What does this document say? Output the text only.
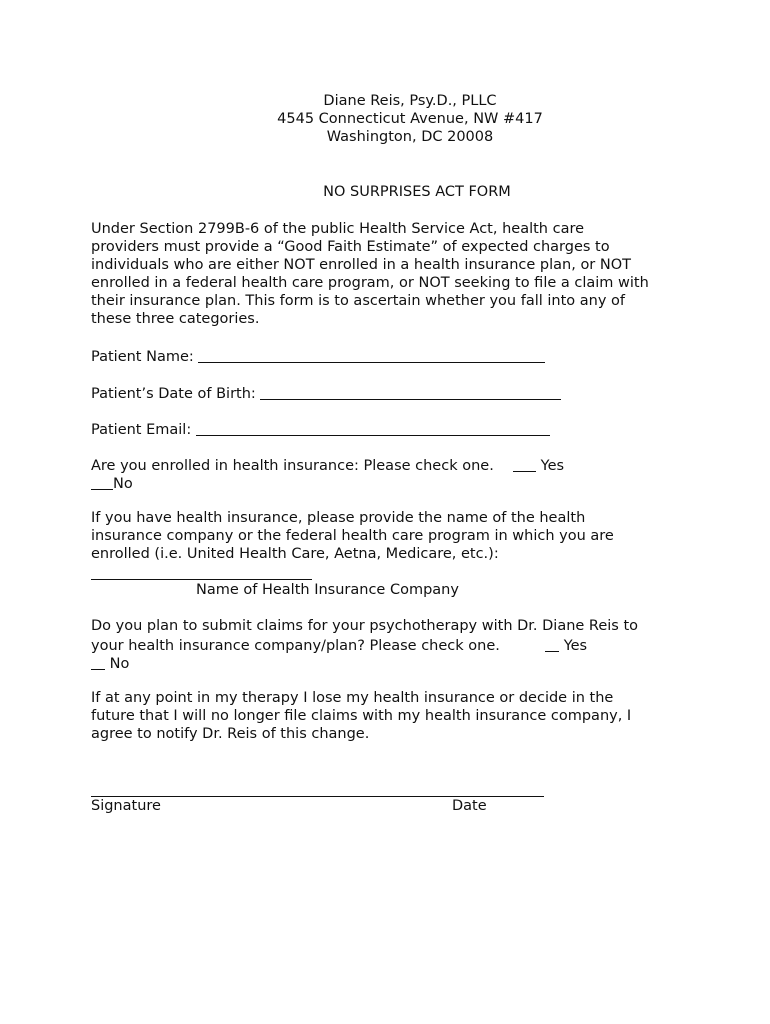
Diane Reis, Psy.D., PLLC
4545 Connecticut Avenue, NW #417
Washington, DC 20008
NO SURPRISES ACT FORM
Under Section 2799B-6 of the public Health Service Act, health care
providers must provide a “Good Faith Estimate” of expected charges to
individuals who are either NOT enrolled in a health insurance plan, or NOT
enrolled in a federal health care program, or NOT seeking to file a claim with
their insurance plan. This form is to ascertain whether you fall into any of
these three categories.
Patient Name:
Patient’s Date of Birth:
Patient Email:
Are you enrolled in health insurance: Please check one.	Yes
No
If you have health insurance, please provide the name of the health
insurance company or the federal health care program in which you are
enrolled (i.e. United Health Care, Aetna, Medicare, etc.):
Name of Health Insurance Company
Do you plan to submit claims for your psychotherapy with Dr. Diane Reis to
your health insurance company/plan? Please check one.	Yes
No
If at any point in my therapy I lose my health insurance or decide in the
future that I will no longer file claims with my health insurance company, I
agree to notify Dr. Reis of this change.
Signature	Date
